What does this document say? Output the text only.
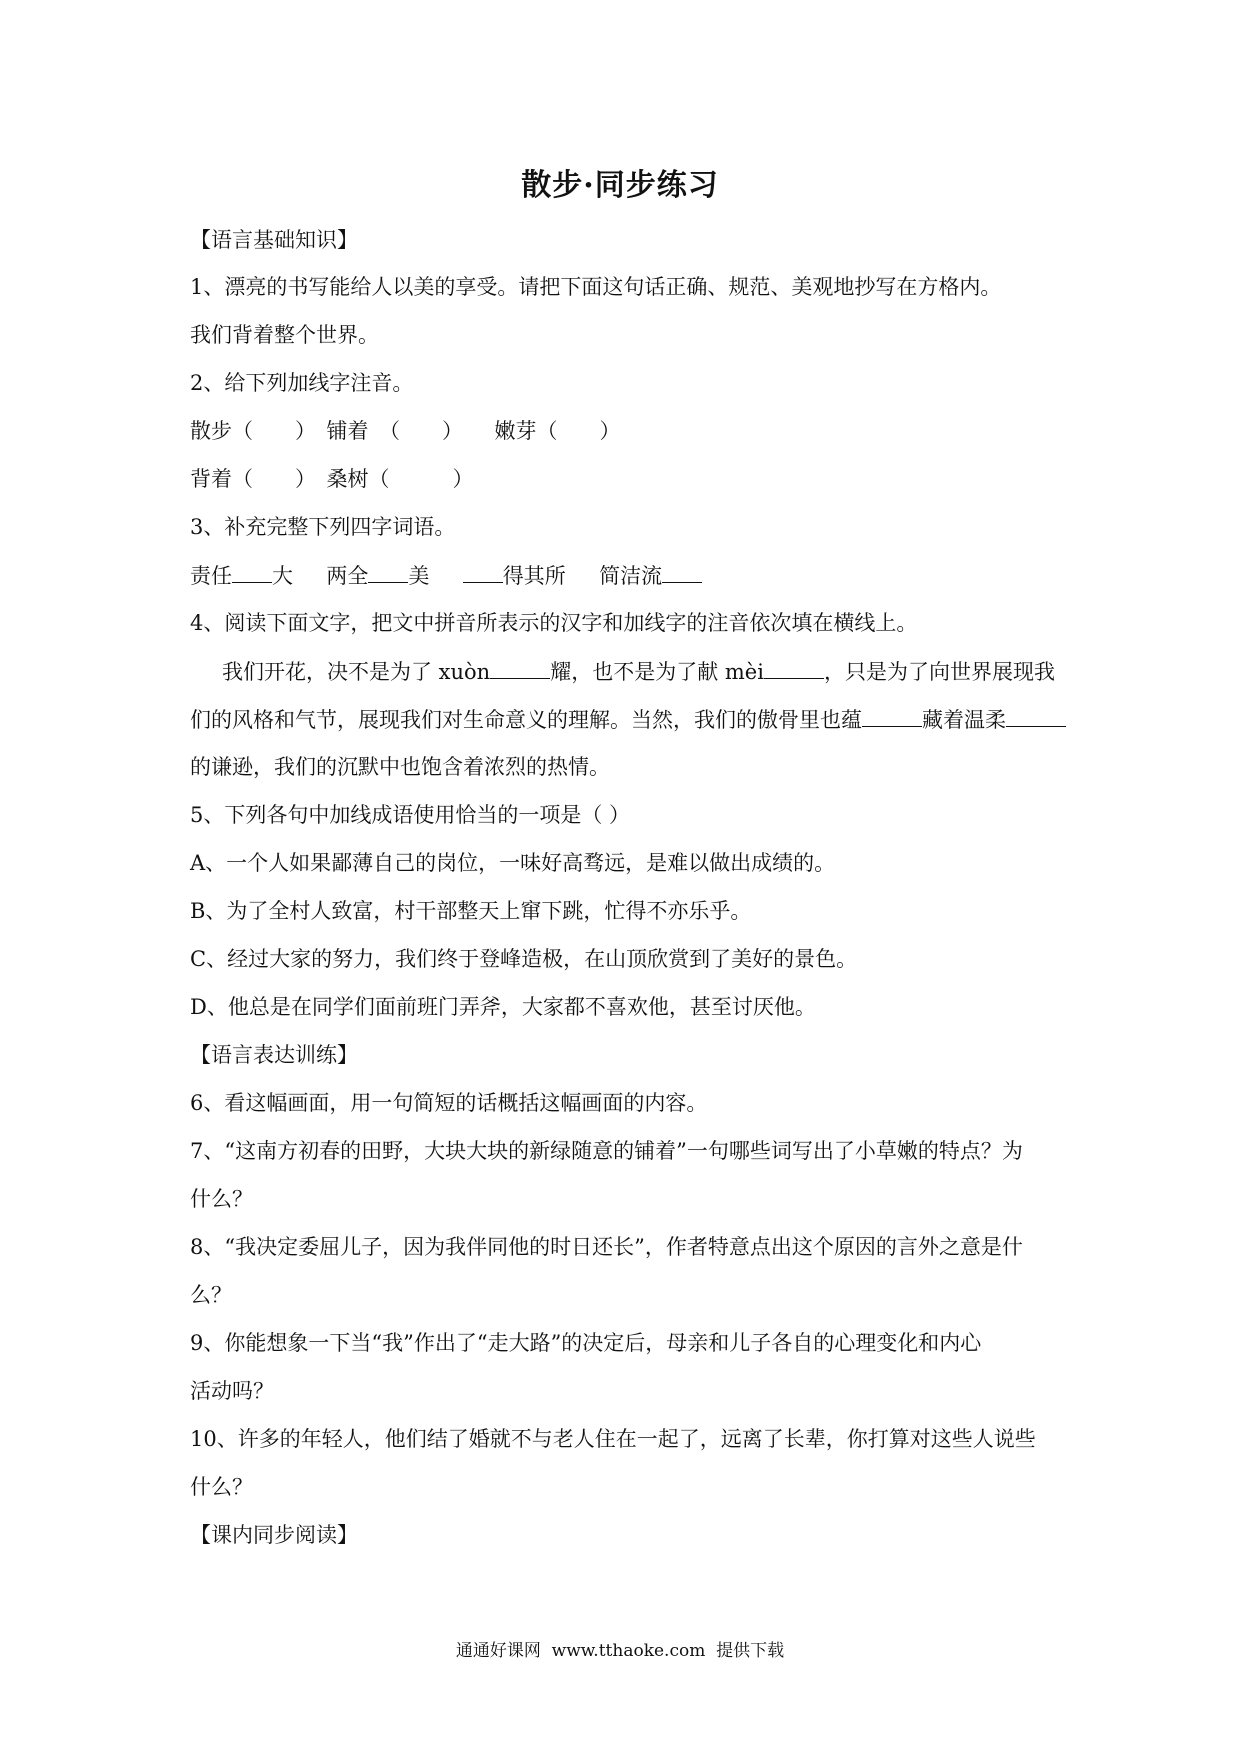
散步·同步练习
【语言基础知识】
1、漂亮的书写能给人以美的享受。请把下面这句话正确、规范、美观地抄写在方格内。
我们背着整个世界。
2、给下列加线字注音。
散步（　　）　铺着　（　　）　　嫩芽（　　）
背着（　　）　桑树（　　　）
3、补充完整下列四字词语。
责任 大 两全 美	得其所 简洁流
4、阅读下面文字，把文中拼音所表示的汉字和加线字的注音依次填在横线上。
我们开花，决不是为了 xuòn	耀，也不是为了献 mèi	，只是为了向世界展现我
们的风格和气节，展现我们对生命意义的理解。当然，我们的傲骨里也蕴	藏着温柔
的谦逊，我们的沉默中也饱含着浓烈的热情。
5、下列各句中加线成语使用恰当的一项是（ ）
A、一个人如果鄙薄自己的岗位，一味好高骛远，是难以做出成绩的。
B、为了全村人致富，村干部整天上窜下跳，忙得不亦乐乎。
C、经过大家的努力，我们终于登峰造极，在山顶欣赏到了美好的景色。
D、他总是在同学们面前班门弄斧，大家都不喜欢他，甚至讨厌他。
【语言表达训练】
6、看这幅画面，用一句简短的话概括这幅画面的内容。
7、“这南方初春的田野，大块大块的新绿随意的铺着”一句哪些词写出了小草嫩的特点？为
什么？
8、“我决定委屈儿子，因为我伴同他的时日还长”，作者特意点出这个原因的言外之意是什
么？
9、你能想象一下当“我”作出了“走大路”的决定后，母亲和儿子各自的心理变化和内心
活动吗？
10、许多的年轻人，他们结了婚就不与老人住在一起了，远离了长辈，你打算对这些人说些
什么？
【课内同步阅读】
通通好课网  www.tthaoke.com  提供下载
